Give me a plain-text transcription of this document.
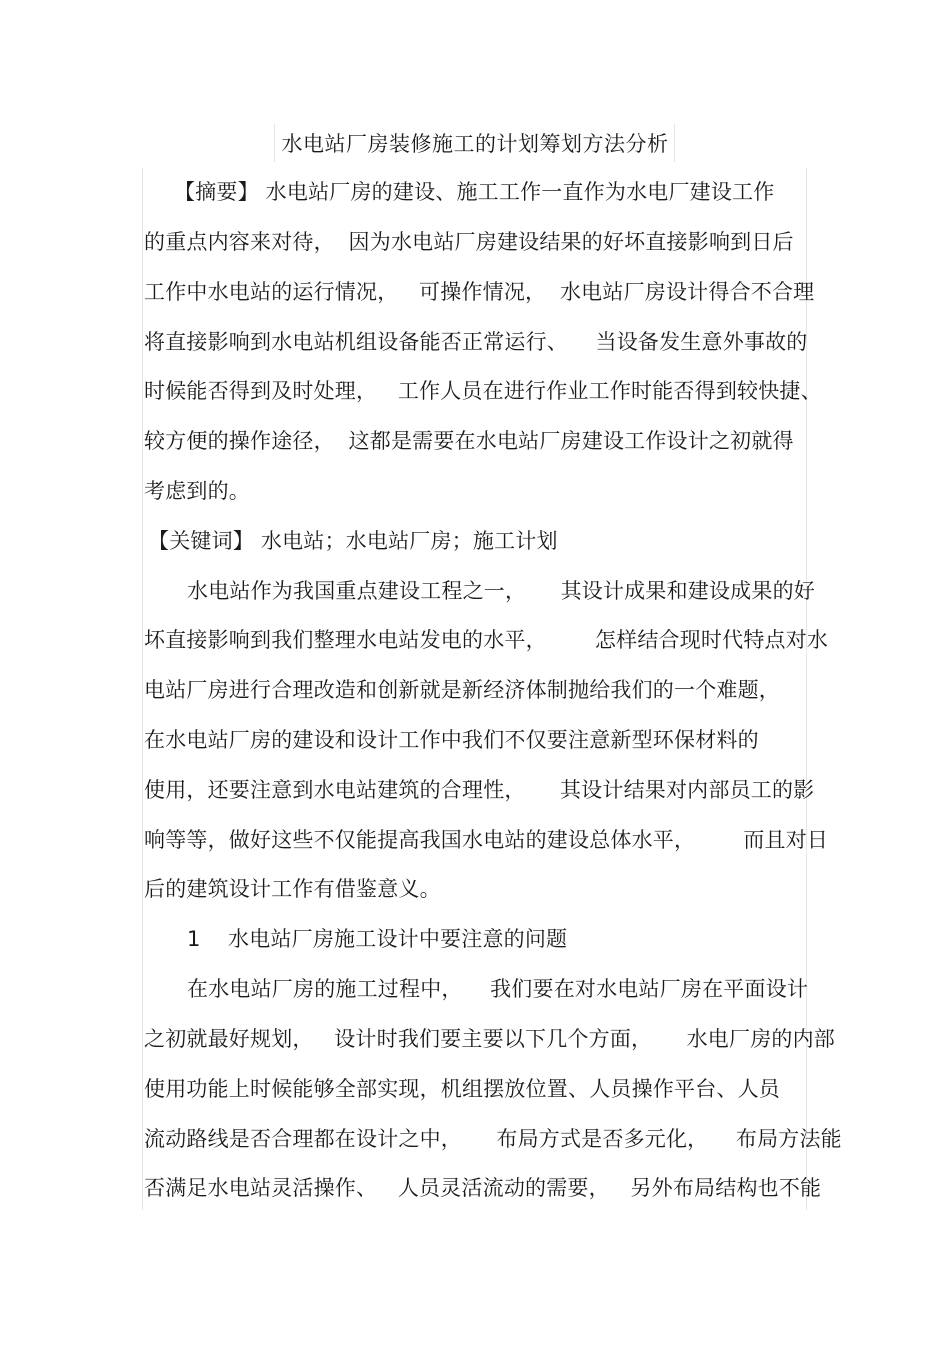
水电站厂房装修施工的计划筹划方法分析
【摘要】 水电站厂房的建设、施工工作一直作为水电厂建设工作
的重点内容来对待，  因为水电站厂房建设结果的好坏直接影响到日后
工作中水电站的运行情况，   可操作情况，  水电站厂房设计得合不合理
将直接影响到水电站机组设备能否正常运行、    当设备发生意外事故的
时候能否得到及时处理，   工作人员在进行作业工作时能否得到较快捷、
较方便的操作途径，  这都是需要在水电站厂房建设工作设计之初就得
考虑到的。
【关键词】 水电站；水电站厂房；施工计划
水电站作为我国重点建设工程之一，     其设计成果和建设成果的好
坏直接影响到我们整理水电站发电的水平，       怎样结合现时代特点对水
电站厂房进行合理改造和创新就是新经济体制抛给我们的一个难题，
在水电站厂房的建设和设计工作中我们不仅要注意新型环保材料的
使用，还要注意到水电站建筑的合理性，     其设计结果对内部员工的影
响等等，做好这些不仅能提高我国水电站的建设总体水平，       而且对日
后的建筑设计工作有借鉴意义。
1    水电站厂房施工设计中要注意的问题
在水电站厂房的施工过程中，    我们要在对水电站厂房在平面设计
之初就最好规划，   设计时我们要主要以下几个方面，     水电厂房的内部
使用功能上时候能够全部实现，机组摆放位置、人员操作平台、人员
流动路线是否合理都在设计之中，     布局方式是否多元化，    布局方法能
否满足水电站灵活操作、   人员灵活流动的需要，   另外布局结构也不能
